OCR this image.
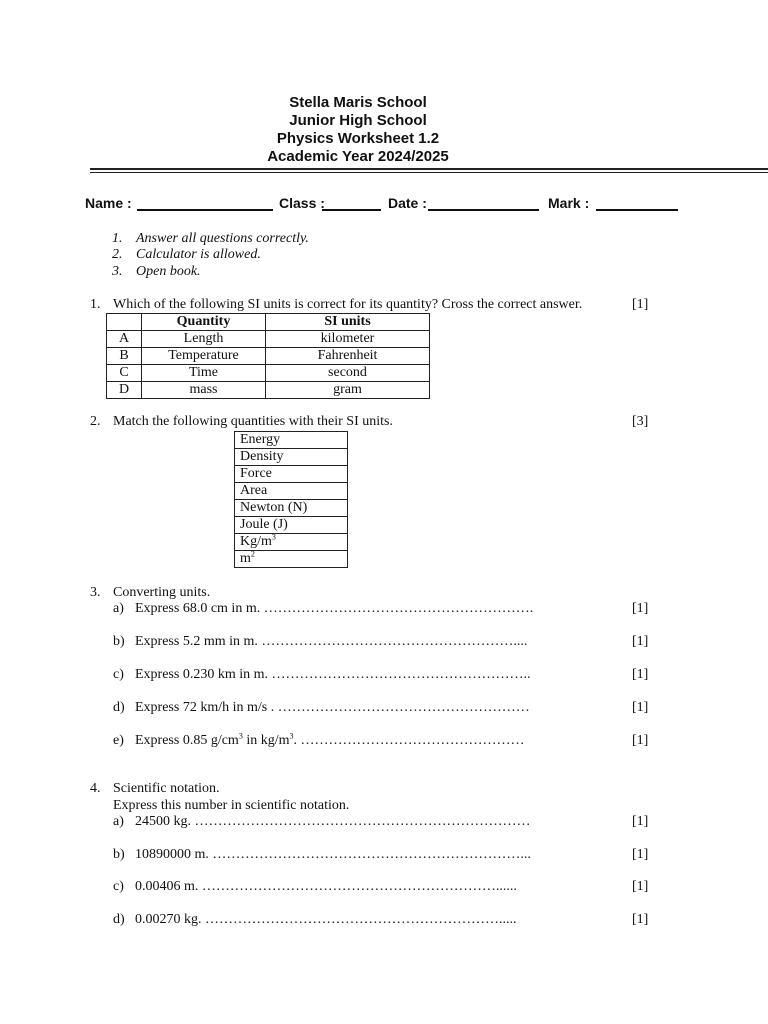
Stella Maris School
Junior High School
Physics Worksheet 1.2
Academic Year 2024/2025
Name :	Class :	Date :	Mark :
1. Answer all questions correctly.
2. Calculator is allowed.
3. Open book.
1. Which of the following SI units is correct for its quantity? Cross the correct answer.	[1]
	Quantity	SI units
A	Length	kilometer
B	Temperature	Fahrenheit
C	Time	second
D	mass	gram
2. Match the following quantities with their SI units.	[3]
Energy
Density
Force
Area
Newton (N)
Joule (J)
$Kg/m^3$
$m^2$
3. Converting units.
a) Express 68.0 cm in m. ………………………………………………….	[1]
b) Express 5.2 mm in m. ………………………………………………....	[1]
c) Express 0.230 km in m. ………………………………………………..	[1]
d) Express 72 km/h in m/s . ………………………………………………	[1]
e) Express 0.85 $g/cm^3$ in $kg/m^3$. …………………………………………	[1]
4. Scientific notation.
Express this number in scientific notation.
a) 24500 kg. ………………………………………………………………	[1]
b) 10890000 m. …………………………………………………………...	[1]
c) 0.00406 m. ………………………………………………………......	[1]
d) 0.00270 kg. ……………………………………………………….....	[1]
